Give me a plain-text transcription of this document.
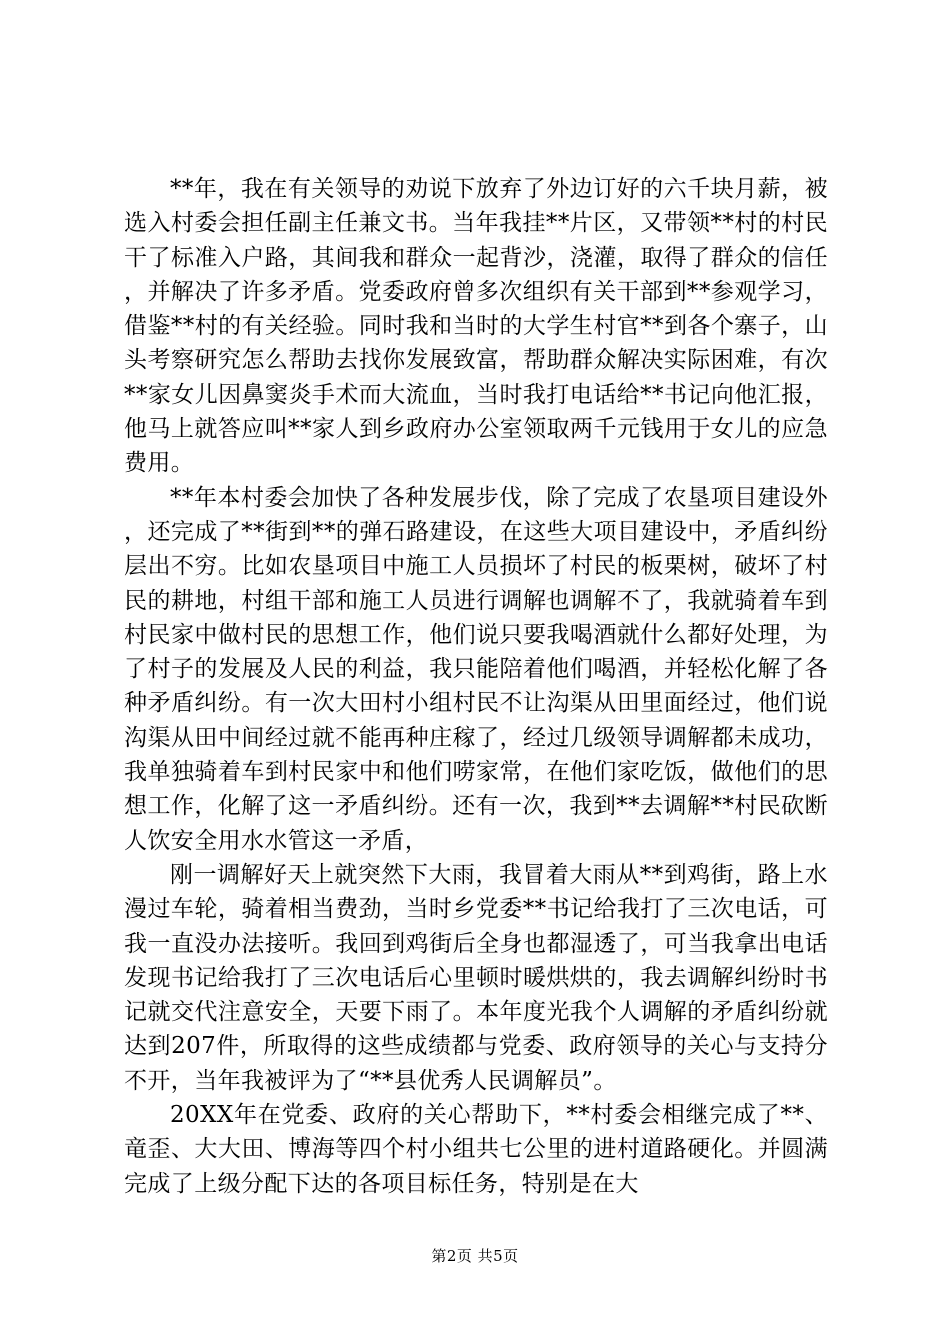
**年，我在有关领导的劝说下放弃了外边订好的六千块月薪，被选入村委会担任副主任兼文书。当年我挂**片区，又带领**村的村民干了标准入户路，其间我和群众一起背沙，浇灌，取得了群众的信任，并解决了许多矛盾。党委政府曾多次组织有关干部到**参观学习，借鉴**村的有关经验。同时我和当时的大学生村官**到各个寨子，山头考察研究怎么帮助去找你发展致富，帮助群众解决实际困难，有次**家女儿因鼻窦炎手术而大流血，当时我打电话给**书记向他汇报，他马上就答应叫**家人到乡政府办公室领取两千元钱用于女儿的应急费用。

**年本村委会加快了各种发展步伐，除了完成了农垦项目建设外，还完成了**街到**的弹石路建设，在这些大项目建设中，矛盾纠纷层出不穷。比如农垦项目中施工人员损坏了村民的板栗树，破坏了村民的耕地，村组干部和施工人员进行调解也调解不了，我就骑着车到村民家中做村民的思想工作，他们说只要我喝酒就什么都好处理，为了村子的发展及人民的利益，我只能陪着他们喝酒，并轻松化解了各种矛盾纠纷。有一次大田村小组村民不让沟渠从田里面经过，他们说沟渠从田中间经过就不能再种庄稼了，经过几级领导调解都未成功，我单独骑着车到村民家中和他们唠家常，在他们家吃饭，做他们的思想工作，化解了这一矛盾纠纷。还有一次，我到**去调解**村民砍断人饮安全用水水管这一矛盾，

刚一调解好天上就突然下大雨，我冒着大雨从**到鸡街，路上水漫过车轮，骑着相当费劲，当时乡党委**书记给我打了三次电话，可我一直没办法接听。我回到鸡街后全身也都湿透了，可当我拿出电话发现书记给我打了三次电话后心里顿时暖烘烘的，我去调解纠纷时书记就交代注意安全，天要下雨了。本年度光我个人调解的矛盾纠纷就达到207件，所取得的这些成绩都与党委、政府领导的关心与支持分不开，当年我被评为了“**县优秀人民调解员”。

20XX年在党委、政府的关心帮助下，**村委会相继完成了**、竜歪、大大田、博海等四个村小组共七公里的进村道路硬化。并圆满完成了上级分配下达的各项目标任务，特别是在大

第2页 共5页
